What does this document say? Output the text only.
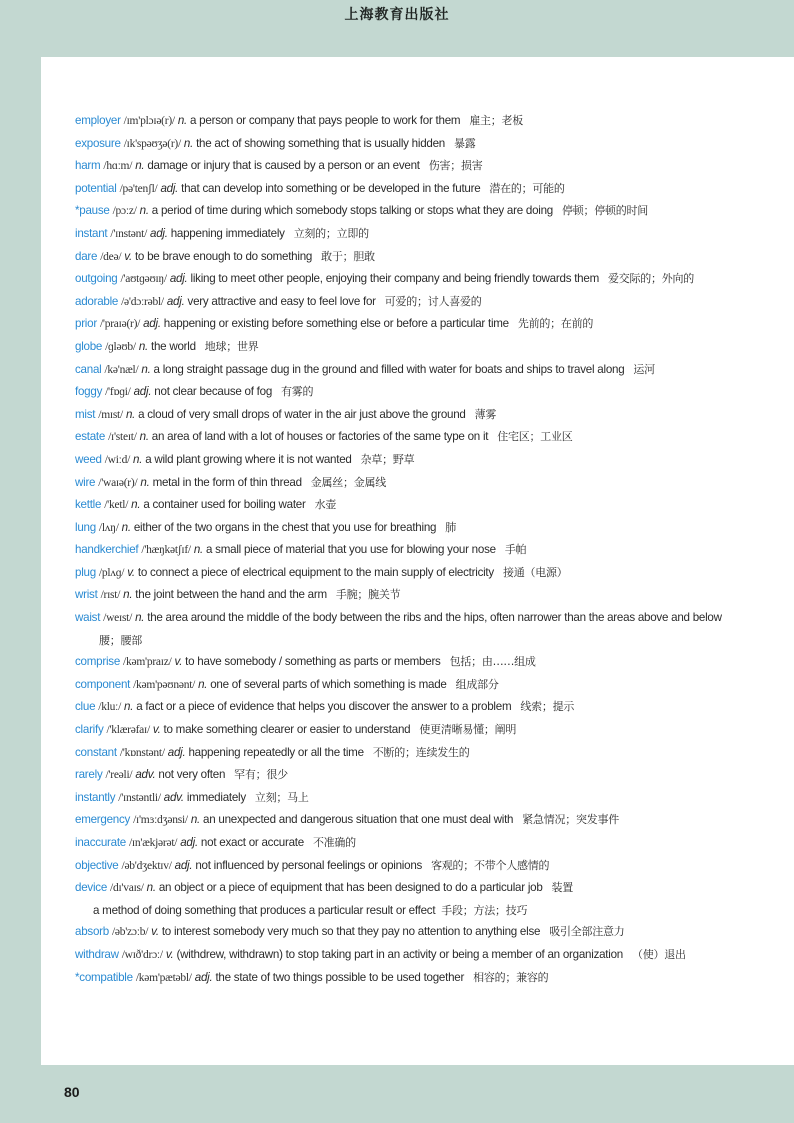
上海教育出版社
employer /ɪm'plɔɪə(r)/ n. a person or company that pays people to work for them 雇主；老板
exposure /ɪk'spəʊʒə(r)/ n. the act of showing something that is usually hidden 暴露
harm /hɑːm/ n. damage or injury that is caused by a person or an event 伤害；损害
potential /pə'tenʃl/ adj. that can develop into something or be developed in the future 潜在的；可能的
*pause /pɔːz/ n. a period of time during which somebody stops talking or stops what they are doing 停顿；停顿的时间
instant /'ɪnstənt/ adj. happening immediately 立刻的；立即的
dare /deə/ v. to be brave enough to do something 敢于；胆敢
outgoing /'aʊtɡəʊɪŋ/ adj. liking to meet other people, enjoying their company and being friendly towards them 爱交际的；外向的
adorable /ə'dɔːrəbl/ adj. very attractive and easy to feel love for 可爱的；讨人喜爱的
prior /'praɪə(r)/ adj. happening or existing before something else or before a particular time 先前的；在前的
globe /ɡləʊb/ n. the world 地球；世界
canal /kə'næl/ n. a long straight passage dug in the ground and filled with water for boats and ships to travel along 运河
foggy /'fɒɡi/ adj. not clear because of fog 有雾的
mist /mɪst/ n. a cloud of very small drops of water in the air just above the ground 薄雾
estate /ɪ'steɪt/ n. an area of land with a lot of houses or factories of the same type on it 住宅区；工业区
weed /wiːd/ n. a wild plant growing where it is not wanted 杂草；野草
wire /'waɪə(r)/ n. metal in the form of thin thread 金属丝；金属线
kettle /'ketl/ n. a container used for boiling water 水壶
lung /lʌŋ/ n. either of the two organs in the chest that you use for breathing 肺
handkerchief /'hæŋkətʃɪf/ n. a small piece of material that you use for blowing your nose 手帕
plug /plʌɡ/ v. to connect a piece of electrical equipment to the main supply of electricity 接通（电源）
wrist /rɪst/ n. the joint between the hand and the arm 手腕；腕关节
waist /weɪst/ n. the area around the middle of the body between the ribs and the hips, often narrower than the areas above and below 腰；腰部
comprise /kəm'praɪz/ v. to have somebody / something as parts or members 包括；由……组成
component /kəm'pəʊnənt/ n. one of several parts of which something is made 组成部分
clue /kluː/ n. a fact or a piece of evidence that helps you discover the answer to a problem 线索；提示
clarify /'klærəfaɪ/ v. to make something clearer or easier to understand 使更清晰易懂；阐明
constant /'kɒnstənt/ adj. happening repeatedly or all the time 不断的；连续发生的
rarely /'reəli/ adv. not very often 罕有；很少
instantly /'ɪnstəntli/ adv. immediately 立刻；马上
emergency /ɪ'mɜːdʒənsi/ n. an unexpected and dangerous situation that one must deal with 紧急情况；突发事件
inaccurate /ɪn'ækjərət/ adj. not exact or accurate 不准确的
objective /əb'dʒektɪv/ adj. not influenced by personal feelings or opinions 客观的；不带个人感情的
device /dɪ'vaɪs/ n. an object or a piece of equipment that has been designed to do a particular job 装置
a method of doing something that produces a particular result or effect 手段；方法；技巧
absorb /əb'zɔːb/ v. to interest somebody very much so that they pay no attention to anything else 吸引全部注意力
withdraw /wɪð'drɔː/ v. (withdrew, withdrawn) to stop taking part in an activity or being a member of an organization （使）退出
*compatible /kəm'pætəbl/ adj. the state of two things possible to be used together 相容的；兼容的
80
